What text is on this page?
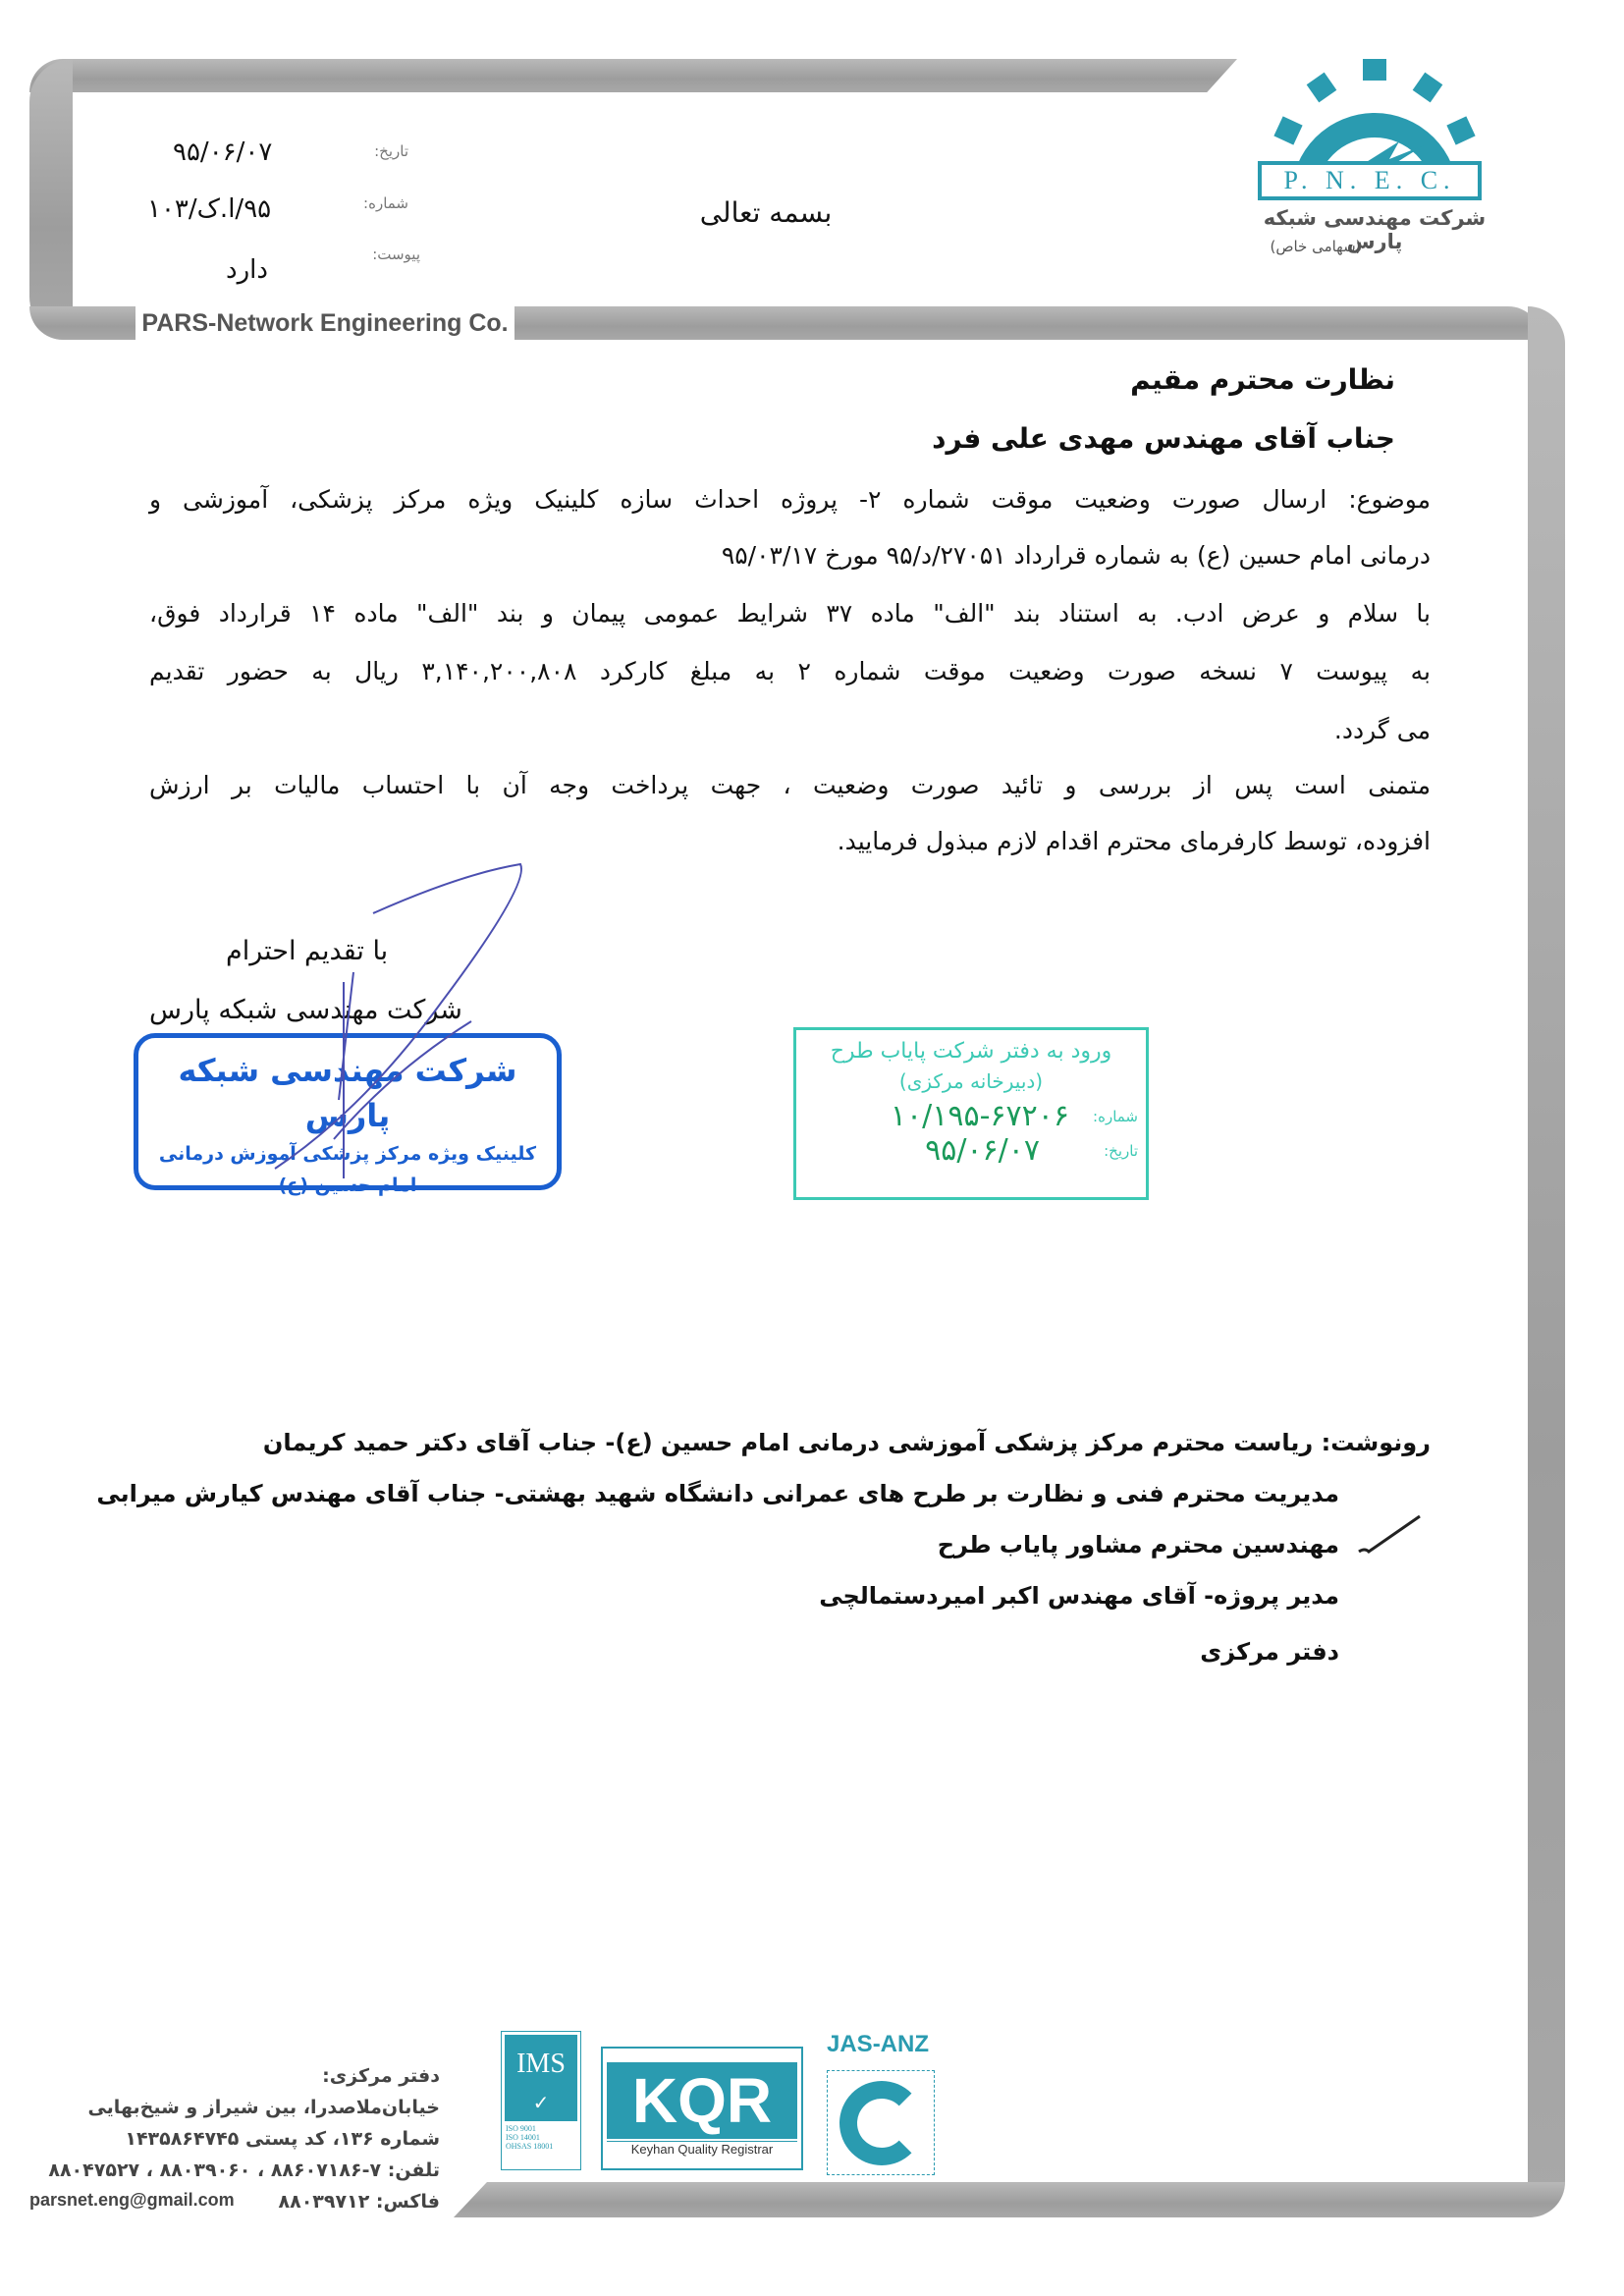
PARS-Network Engineering Co.
P. N. E. C.
شرکت مهندسی شبکه پارس
(سهامی خاص)
تاریخ:
۹۵/۰۶/۰۷
شماره:
۹۵/ا.ک/۱۰۳
پیوست:
دارد
بسمه تعالی
نظارت محترم مقیم
جناب آقای مهندس مهدی علی فرد
موضوع: ارسال صورت وضعیت موقت شماره ۲- پروژه احداث سازه کلینیک ویژه مرکز پزشکی، آموزشی و
درمانی امام حسین (ع) به شماره قرارداد ۲۷۰۵۱/د/۹۵ مورخ ۹۵/۰۳/۱۷
با سلام و عرض ادب. به استناد بند "الف" ماده ۳۷ شرایط عمومی پیمان و بند "الف" ماده ۱۴ قرارداد فوق،
به پیوست ۷ نسخه صورت وضعیت موقت شماره ۲ به مبلغ کارکرد ۳,۱۴۰,۲۰۰,۸۰۸ ریال به حضور تقدیم
می گردد.
متمنی است پس از بررسی و تائید صورت وضعیت ، جهت پرداخت وجه آن با احتساب مالیات بر ارزش
افزوده، توسط کارفرمای محترم اقدام لازم مبذول فرمایید.
با تقدیم احترام
شرکت مهندسی شبکه پارس
شرکت مهندسی شبکه پارس
کلینیک ویژه مرکز پزشکی آموزش درمانی
امام حسین (ع)
ورود به دفتر شرکت پایاب طرح
(دبیرخانه مرکزی)
شماره:
۱۰/۱۹۵-۶۷۲۰۶
تاریخ:
۹۵/۰۶/۰۷
رونوشت: ریاست محترم مرکز پزشکی آموزشی درمانی امام حسین (ع)- جناب آقای دکتر حمید کریمان
مدیریت محترم فنی و نظارت بر طرح های عمرانی دانشگاه شهید بهشتی- جناب آقای مهندس کیارش میرابی
مهندسین محترم مشاور پایاب طرح
مدیر پروژه- آقای مهندس اکبر امیردستمالچی
دفتر مرکزی
دفتر مرکزی:
خیابان‌ملاصدرا، بین شیراز و شیخ‌بهایی
شماره ۱۳۶، کد پستی ۱۴۳۵۸۶۴۷۴۵
تلفن: ۷-۸۸۶۰۷۱۸۶ ، ۸۸۰۳۹۰۶۰ ، ۸۸۰۴۷۵۲۷
فاکس: ۸۸۰۳۹۷۱۲
parsnet.eng@gmail.com
IMS
✓
ISO 9001
ISO 14001
OHSAS 18001
KQR
Keyhan Quality Registrar
JAS-ANZ
